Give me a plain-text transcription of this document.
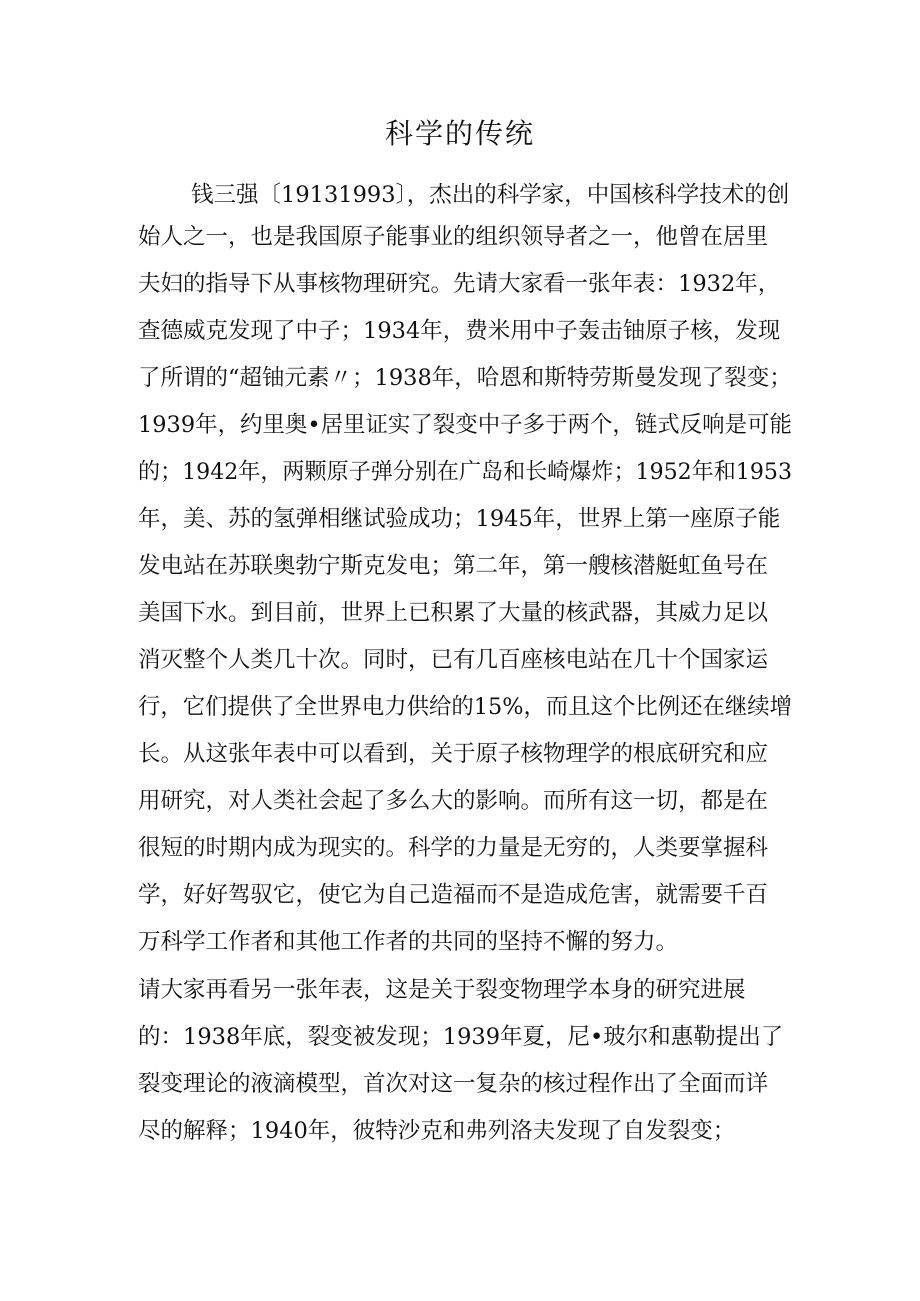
科学的传统
钱三强〔19131993〕，杰出的科学家，中国核科学技术的创
始人之一，也是我国原子能事业的组织领导者之一，他曾在居里
夫妇的指导下从事核物理研究。先请大家看一张年表：1932年，
查德威克发现了中子；1934年，费米用中子轰击铀原子核，发现
了所谓的“超铀元素〃；1938年，哈恩和斯特劳斯曼发现了裂变；
1939年，约里奥•居里证实了裂变中子多于两个，链式反响是可能
的；1942年，两颗原子弹分别在广岛和长崎爆炸；1952年和1953
年，美、苏的氢弹相继试验成功；1945年，世界上第一座原子能
发电站在苏联奥勃宁斯克发电；第二年，第一艘核潜艇虹鱼号在
美国下水。到目前，世界上已积累了大量的核武器，其威力足以
消灭整个人类几十次。同时，已有几百座核电站在几十个国家运
行，它们提供了全世界电力供给的15%，而且这个比例还在继续增
长。从这张年表中可以看到，关于原子核物理学的根底研究和应
用研究，对人类社会起了多么大的影响。而所有这一切，都是在
很短的时期内成为现实的。科学的力量是无穷的，人类要掌握科
学，好好驾驭它，使它为自己造福而不是造成危害，就需要千百
万科学工作者和其他工作者的共同的坚持不懈的努力。
请大家再看另一张年表，这是关于裂变物理学本身的研究进展
的：1938年底，裂变被发现；1939年夏，尼•玻尔和惠勒提出了
裂变理论的液滴模型，首次对这一复杂的核过程作出了全面而详
尽的解释；1940年，彼特沙克和弗列洛夫发现了自发裂变；
